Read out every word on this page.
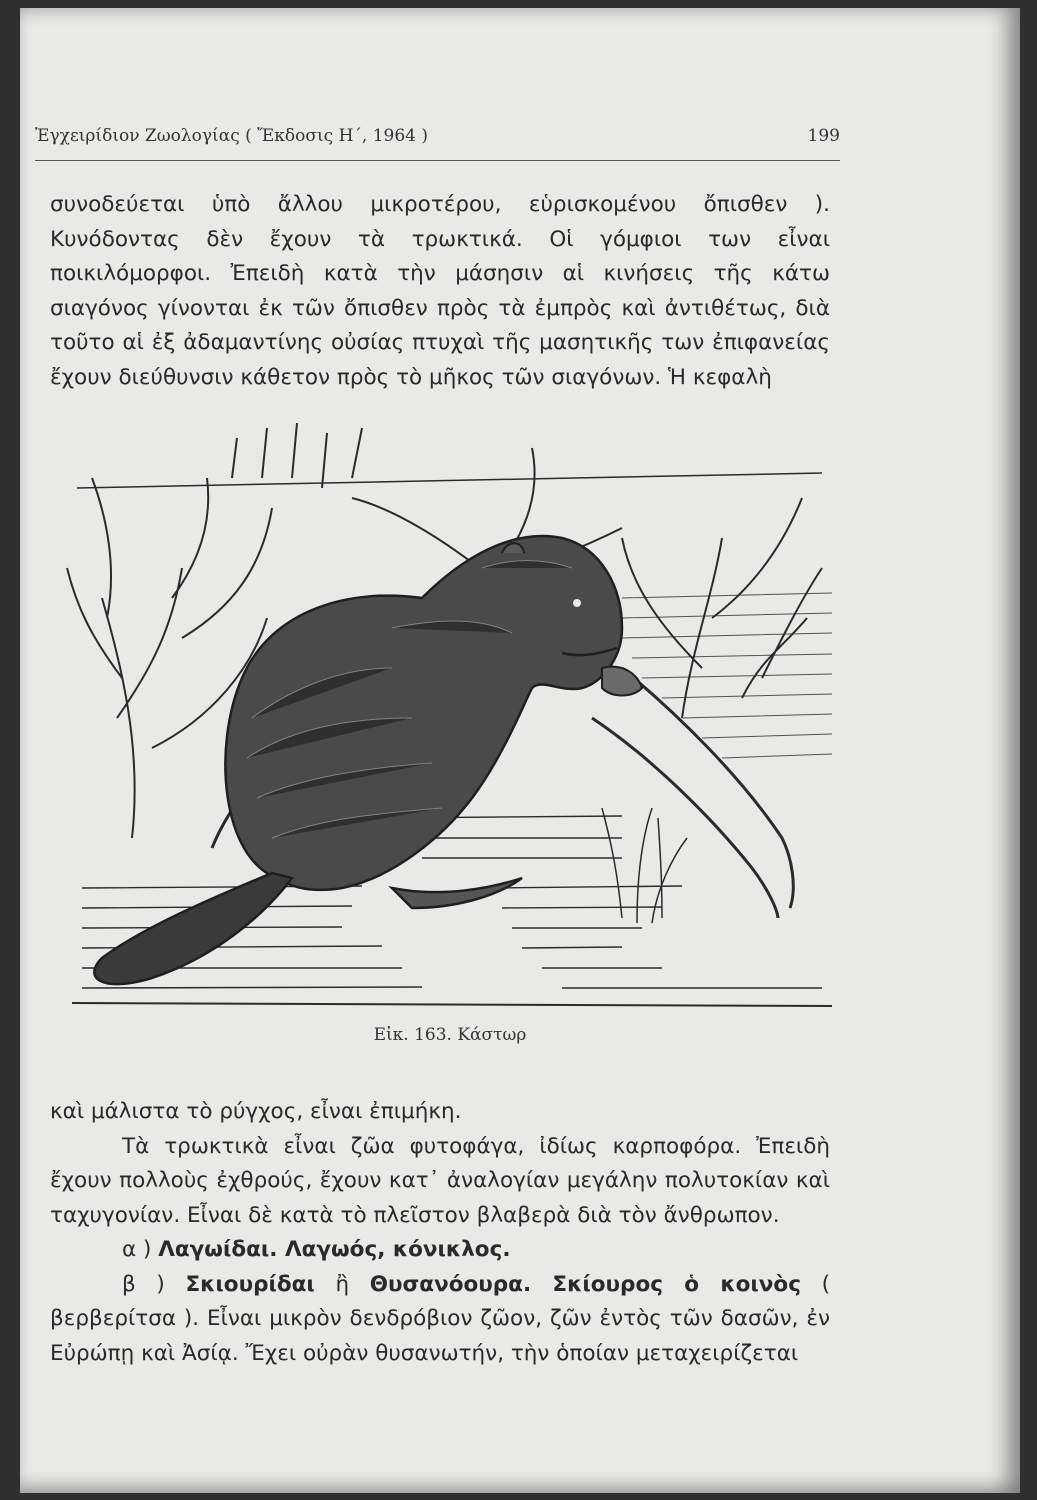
Ἐγχειρίδιον Ζωολογίας ( Ἔκδοσις Η΄, 1964 )	199

συνοδεύεται ὑπὸ ἄλλου μικροτέρου, εὑρισκομένου ὄπισθεν ). Κυνόδοντας δὲν ἔχουν τὰ τρωκτικά. Οἱ γόμφιοι των εἶναι ποικιλόμορφοι. Ἐπειδὴ κατὰ τὴν μάσησιν αἱ κινήσεις τῆς κάτω σιαγόνος γίνονται ἐκ τῶν ὄπισθεν πρὸς τὰ ἐμπρὸς καὶ ἀντιθέτως, διὰ τοῦτο αἱ ἐξ ἀδαμαντίνης οὐσίας πτυχαὶ τῆς μασητικῆς των ἐπιφανείας ἔχουν διεύθυνσιν κάθετον πρὸς τὸ μῆκος τῶν σιαγόνων. Ἡ κεφαλὴ

Εἰκ. 163. Κάστωρ

καὶ μάλιστα τὸ ρύγχος, εἶναι ἐπιμήκη.

Τὰ τρωκτικὰ εἶναι ζῶα φυτοφάγα, ἰδίως καρποφόρα. Ἐπειδὴ ἔχουν πολλοὺς ἐχθρούς, ἔχουν κατ᾽ ἀναλογίαν μεγάλην πολυτοκίαν καὶ ταχυγονίαν. Εἶναι δὲ κατὰ τὸ πλεῖστον βλαβερὰ διὰ τὸν ἄνθρωπον.

α ) Λαγωίδαι. Λαγωός, κόνικλος.

β ) Σκιουρίδαι ἢ Θυσανόουρα. Σκίουρος ὁ κοινὸς ( βερβερίτσα ). Εἶναι μικρὸν δενδρόβιον ζῶον, ζῶν ἐντὸς τῶν δασῶν, ἐν Εὐρώπῃ καὶ Ἀσίᾳ. Ἔχει οὐρὰν θυσανωτήν, τὴν ὁποίαν μεταχειρίζεται
